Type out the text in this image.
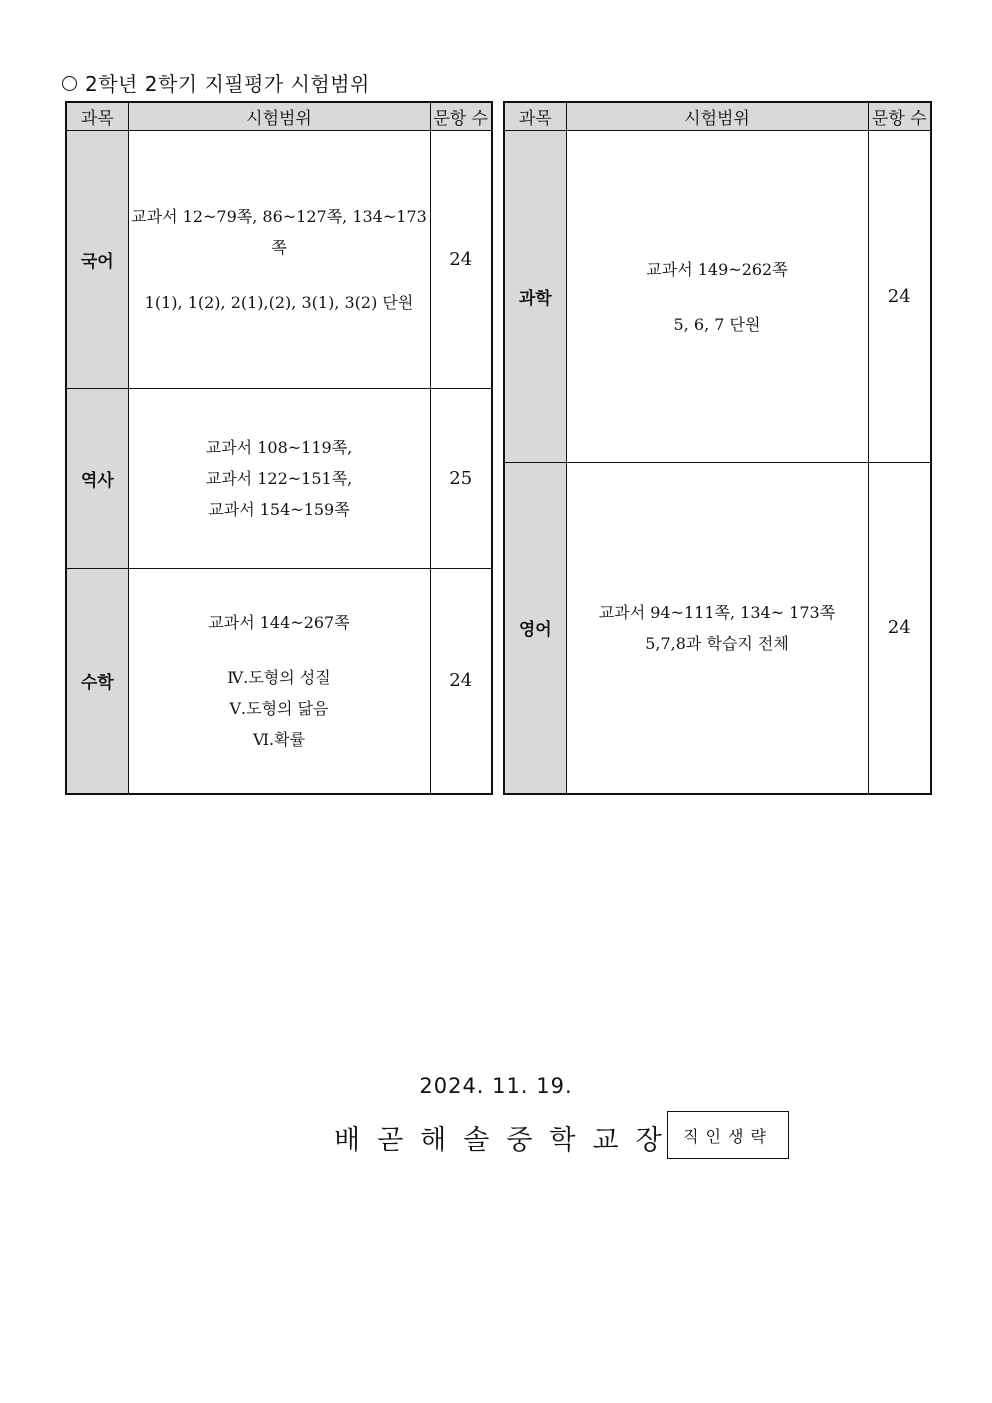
2학년 2학기 지필평가 시험범위
과목	시험범위	문항 수
국어	교과서 12~79쪽, 86~127쪽, 134~173쪽
1(1), 1(2), 2(1),(2), 3(1), 3(2) 단원	24
역사	교과서 108~119쪽,
교과서 122~151쪽,
교과서 154~159쪽	25
수학	교과서 144~267쪽
Ⅳ.도형의 성질
Ⅴ.도형의 닮음
Ⅵ.확률	24
과목	시험범위	문항 수
과학	교과서 149~262쪽
5, 6, 7 단원	24
영어	교과서 94~111쪽, 134~ 173쪽
5,7,8과 학습지 전체	24
2024. 11. 19.
배곧해솔중학교장 직인생략
